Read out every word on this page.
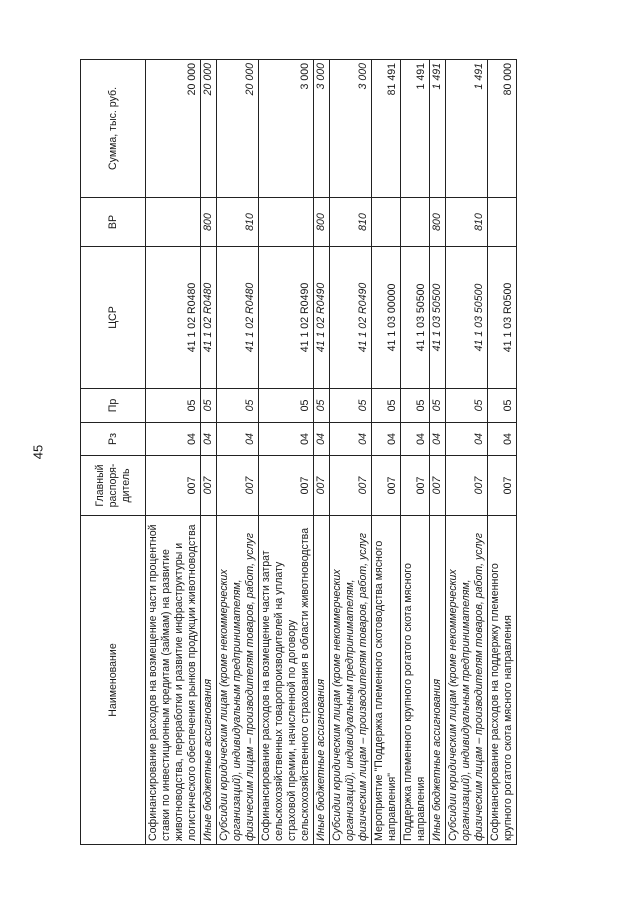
45
Наименование	Главный распоря-дитель	Рз	Пр	ЦСР	ВР	Сумма, тыс. руб.
Софинансирование расходов на возмещение части процентной ставки по инвестиционным кредитам (займам) на развитие животноводства, переработки и развитие инфраструктуры и логистического обеспечения рынков продукции животноводства	007	04	05	41 1 02 R0480		20 000
Иные бюджетные ассигнования	007	04	05	41 1 02 R0480	800	20 000
Субсидии юридическим лицам (кроме некоммерческих организаций), индивидуальным предпринимателям, физическим лицам – производителям товаров, работ, услуг	007	04	05	41 1 02 R0480	810	20 000
Софинансирование расходов на возмещение части затрат сельскохозяйственных товаропроизводителей на уплату страховой премии, начисленной по договору сельскохозяйственного страхования в области животноводства	007	04	05	41 1 02 R0490		3 000
Иные бюджетные ассигнования	007	04	05	41 1 02 R0490	800	3 000
Субсидии юридическим лицам (кроме некоммерческих организаций), индивидуальным предпринимателям, физическим лицам – производителям товаров, работ, услуг	007	04	05	41 1 02 R0490	810	3 000
Мероприятие "Поддержка племенного скотоводства мясного направления"	007	04	05	41 1 03 00000		81 491
Поддержка племенного крупного рогатого скота мясного направления	007	04	05	41 1 03 50500		1 491
Иные бюджетные ассигнования	007	04	05	41 1 03 50500	800	1 491
Субсидии юридическим лицам (кроме некоммерческих организаций), индивидуальным предпринимателям, физическим лицам – производителям товаров, работ, услуг	007	04	05	41 1 03 50500	810	1 491
Софинансирование расходов на поддержку племенного крупного рогатого скота мясного направления	007	04	05	41 1 03 R0500		80 000
